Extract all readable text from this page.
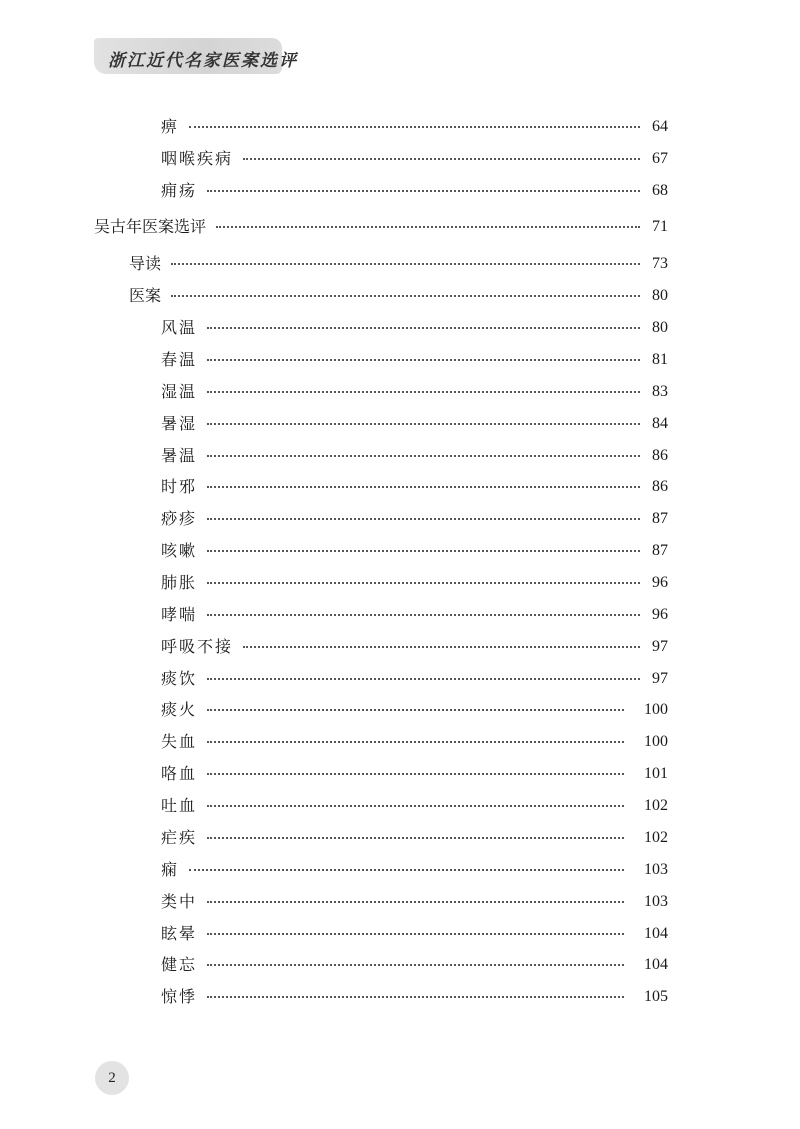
浙江近代名家医案选评
痹	64
咽喉疾病	67
痈疡	68
吴古年医案选评	71
导读	73
医案	80
风温	80
春温	81
湿温	83
暑湿	84
暑温	86
时邪	86
痧疹	87
咳嗽	87
肺胀	96
哮喘	96
呼吸不接	97
痰饮	97
痰火	100
失血	100
咯血	101
吐血	102
疟疾	102
痫	103
类中	103
眩晕	104
健忘	104
惊悸	105
2
